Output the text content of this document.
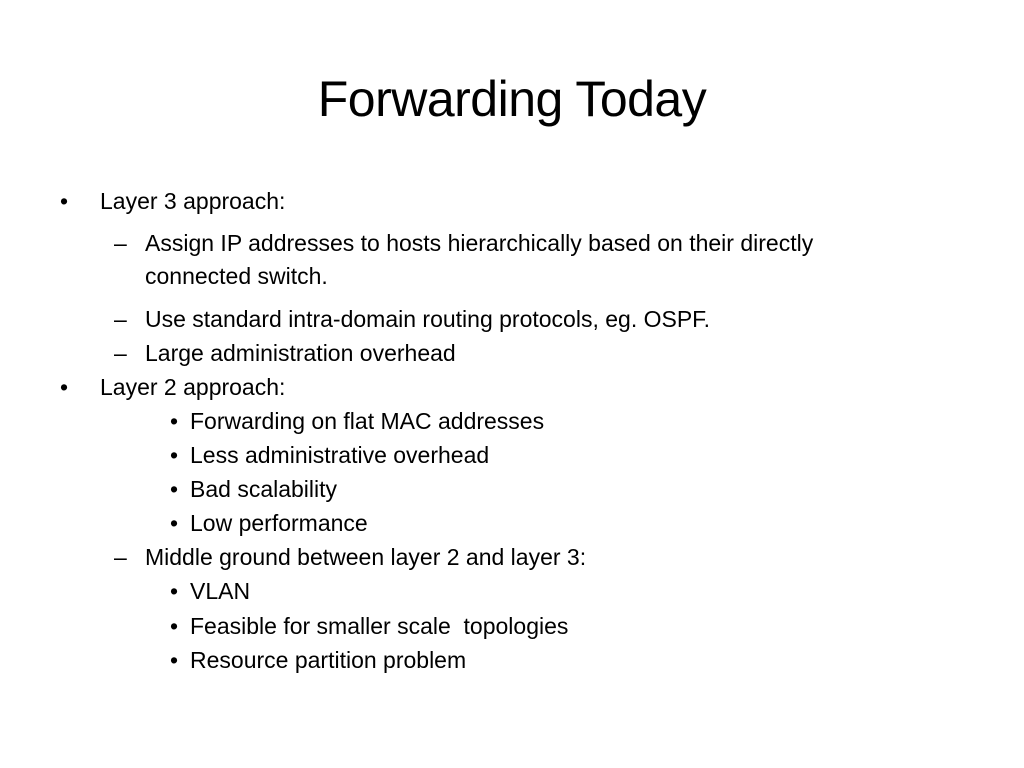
Forwarding Today
• Layer 3 approach:
– Assign IP addresses to hosts hierarchically based on their directly
connected switch.
– Use standard intra-domain routing protocols, eg. OSPF.
– Large administration overhead
• Layer 2 approach:
• Forwarding on flat MAC addresses
• Less administrative overhead
• Bad scalability
• Low performance
– Middle ground between layer 2 and layer 3:
• VLAN
• Feasible for smaller scale  topologies
• Resource partition problem
